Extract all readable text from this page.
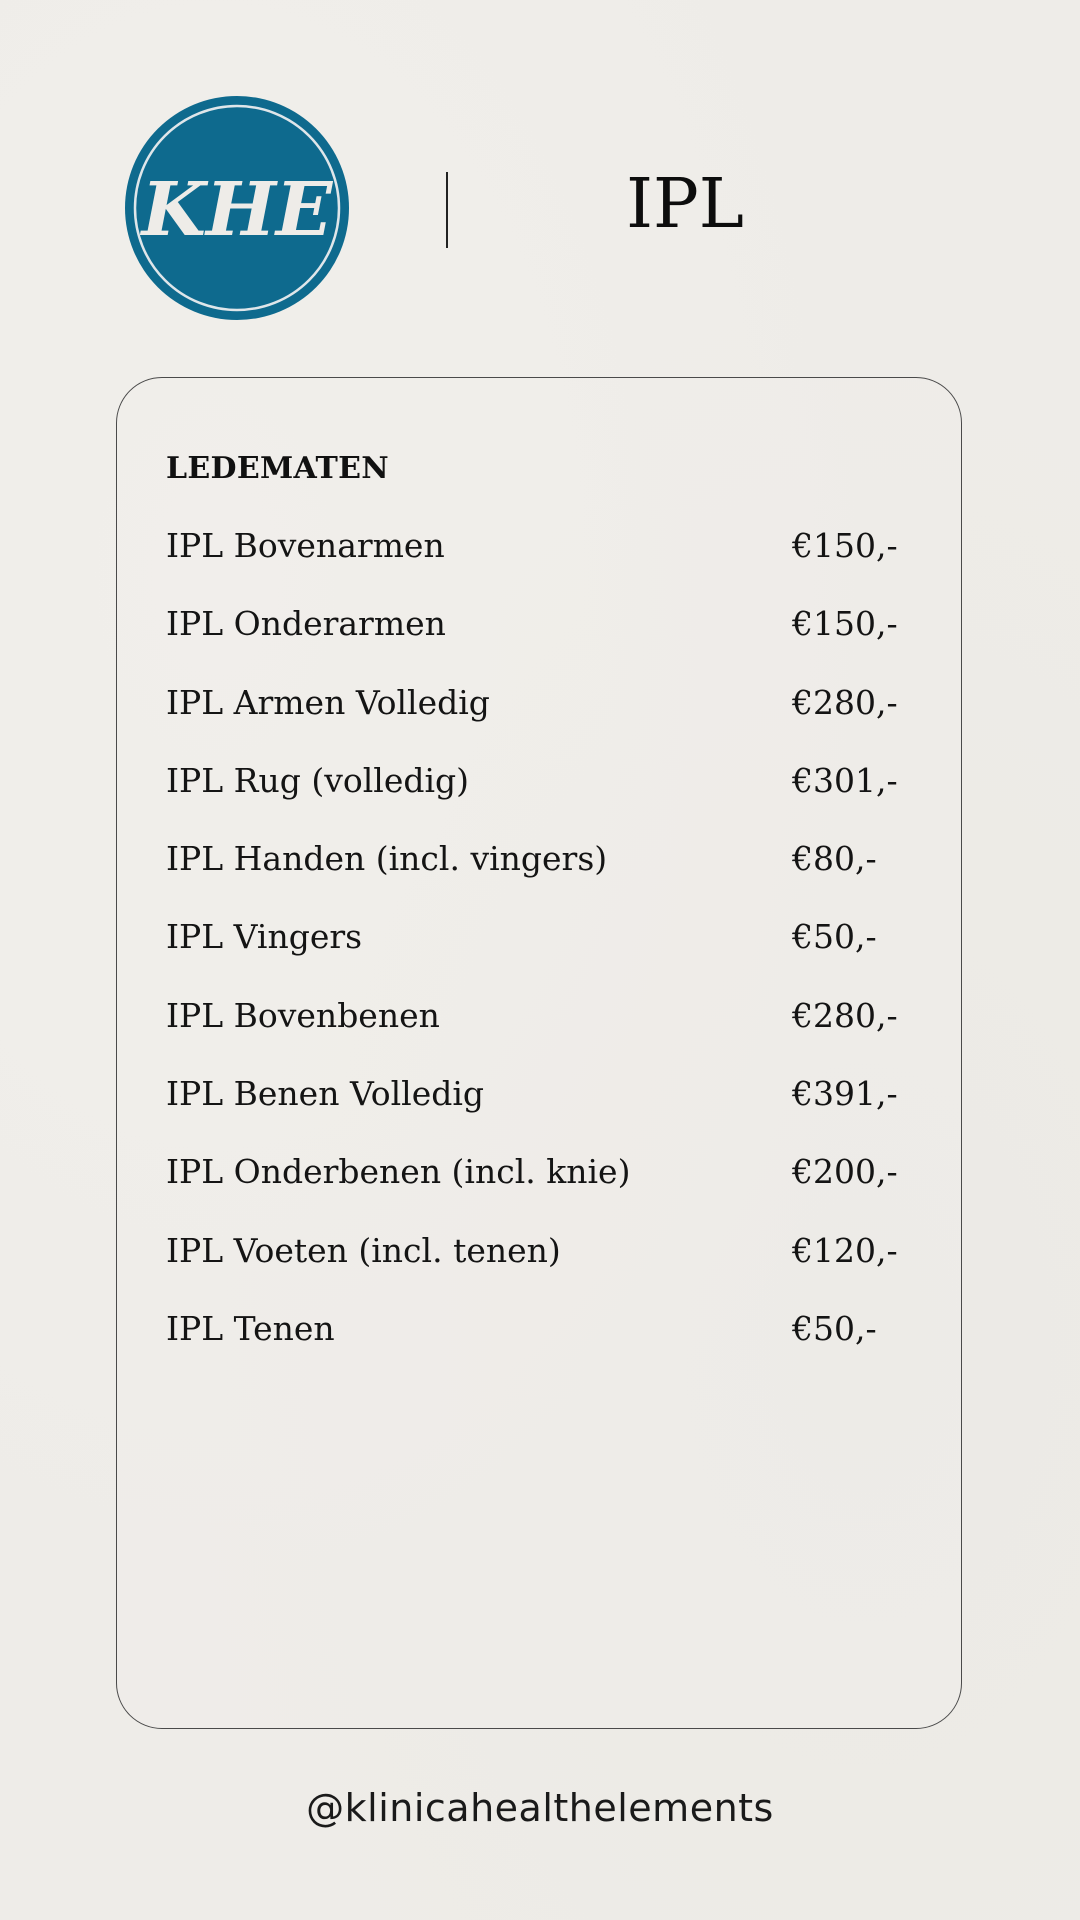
KHE	IPL
LEDEMATEN
IPL Bovenarmen	€150,-
IPL Onderarmen	€150,-
IPL Armen Volledig	€280,-
IPL Rug (volledig)	€301,-
IPL Handen (incl. vingers)	€80,-
IPL Vingers	€50,-
IPL Bovenbenen	€280,-
IPL Benen Volledig	€391,-
IPL Onderbenen (incl. knie)	€200,-
IPL Voeten (incl. tenen)	€120,-
IPL Tenen	€50,-
@klinicahealthelements
